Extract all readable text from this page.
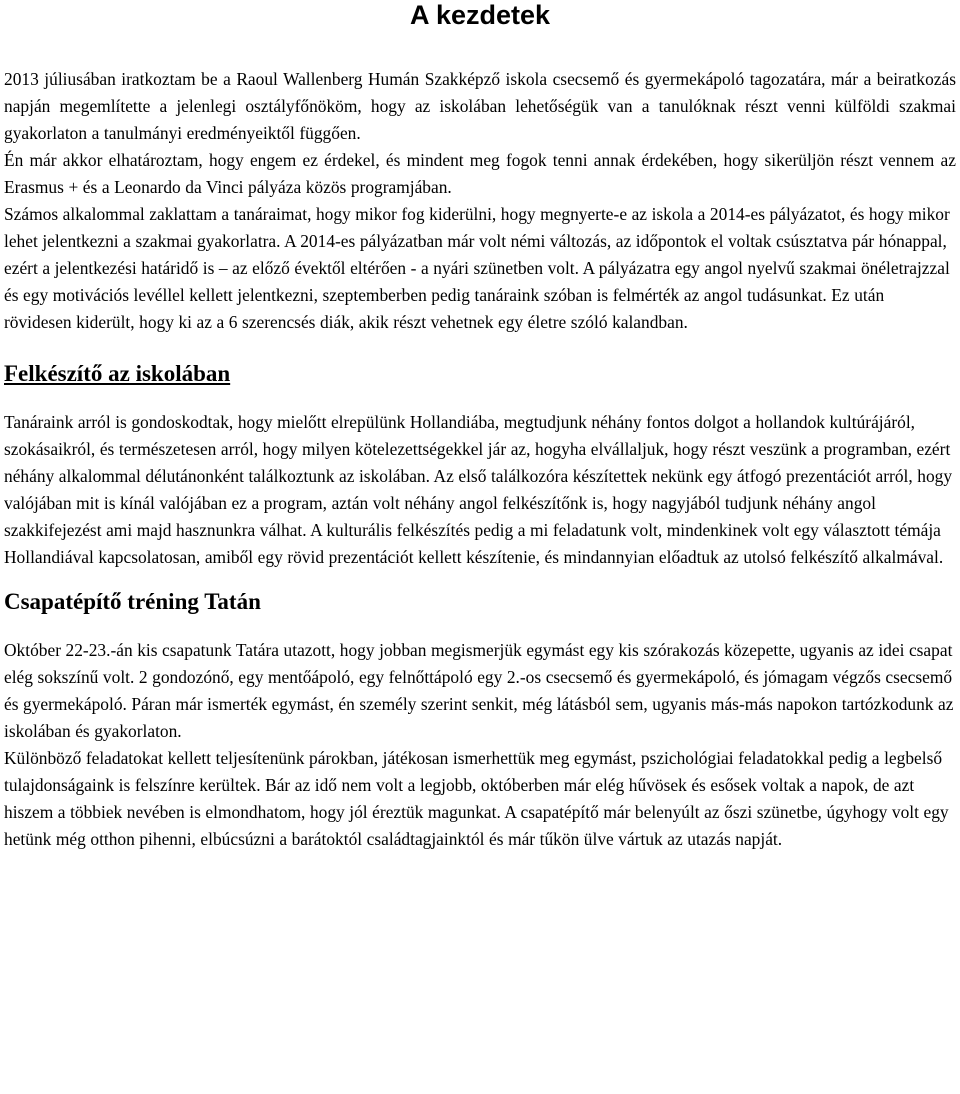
A kezdetek

2013 júliusában iratkoztam be a Raoul Wallenberg Humán Szakképző iskola csecsemő és gyermekápoló tagozatára, már a beiratkozás napján megemlítette a jelenlegi osztályfőnököm, hogy az iskolában lehetőségük van a tanulóknak részt venni külföldi szakmai gyakorlaton a tanulmányi eredményeiktől függően.

Én már akkor elhatároztam, hogy engem ez érdekel, és mindent meg fogok tenni annak érdekében, hogy sikerüljön részt vennem az Erasmus + és a Leonardo da Vinci pályáza közös programjában.

Számos alkalommal zaklattam a tanáraimat, hogy mikor fog kiderülni, hogy megnyerte-e az iskola a 2014-es pályázatot, és hogy mikor lehet jelentkezni a szakmai gyakorlatra. A 2014-es pályázatban már volt némi változás, az időpontok el voltak csúsztatva pár hónappal, ezért a jelentkezési határidő is – az előző évektől eltérően - a nyári szünetben volt. A pályázatra egy angol nyelvű szakmai önéletrajzzal és egy motivációs levéllel kellett jelentkezni, szeptemberben pedig tanáraink szóban is felmérték az angol tudásunkat. Ez után rövidesen kiderült, hogy ki az a 6 szerencsés diák, akik részt vehetnek egy életre szóló kalandban.

Felkészítő az iskolában

Tanáraink arról is gondoskodtak, hogy mielőtt elrepülünk Hollandiába, megtudjunk néhány fontos dolgot a hollandok kultúrájáról, szokásaikról, és természetesen arról, hogy milyen kötelezettségekkel jár az, hogyha elvállaljuk, hogy részt veszünk a programban, ezért néhány alkalommal délutánonként találkoztunk az iskolában. Az első találkozóra készítettek nekünk egy átfogó prezentációt arról, hogy valójában mit is kínál valójában ez a program, aztán volt néhány angol felkészítőnk is, hogy nagyjából tudjunk néhány angol szakkifejezést ami majd hasznunkra válhat. A kulturális felkészítés pedig a mi feladatunk volt, mindenkinek volt egy választott témája Hollandiával kapcsolatosan, amiből egy rövid prezentációt kellett készítenie, és mindannyian előadtuk az utolsó felkészítő alkalmával.

Csapatépítő tréning Tatán

Október 22-23.-án kis csapatunk Tatára utazott, hogy jobban megismerjük egymást egy kis szórakozás közepette, ugyanis az idei csapat elég sokszínű volt. 2 gondozónő, egy mentőápoló, egy felnőttápoló egy 2.-os csecsemő és gyermekápoló, és jómagam végzős csecsemő és gyermekápoló. Páran már ismerték egymást, én személy szerint senkit, még látásból sem, ugyanis más-más napokon tartózkodunk az iskolában és gyakorlaton.

Különböző feladatokat kellett teljesítenünk párokban, játékosan ismerhettük meg egymást, pszichológiai feladatokkal pedig a legbelső tulajdonságaink is felszínre kerültek. Bár az idő nem volt a legjobb, októberben már elég hűvösek és esősek voltak a napok, de azt hiszem a többiek nevében is elmondhatom, hogy jól éreztük magunkat. A csapatépítő már belenyúlt az őszi szünetbe, úgyhogy volt egy hetünk még otthon pihenni, elbúcsúzni a barátoktól családtagjainktól és már tűkön ülve vártuk az utazás napját.
